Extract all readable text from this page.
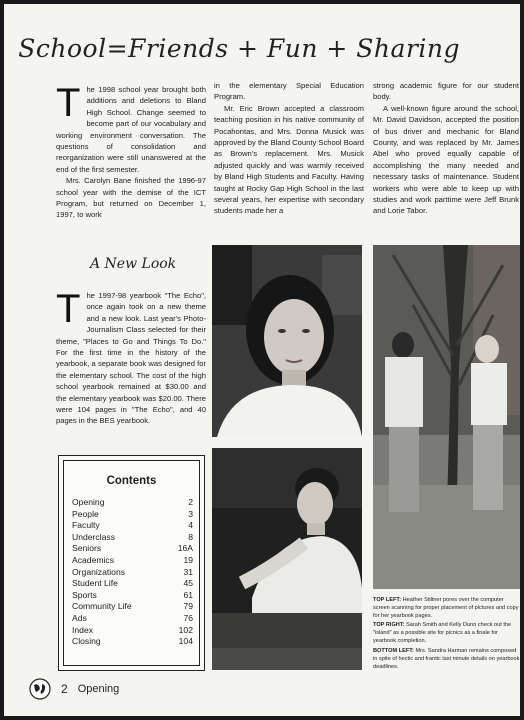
School=Friends + Fun + Sharing
T he 1998 school year brought both additions and deletions to Bland High School. Change seemed to become part of our vocabulary and working environment conversation. The questions of consolidation and reorganization were still unanswered at the end of the first semester.

Mrs. Carolyn Bane finished the 1996-97 school year with the demise of the ICT Program, but returned on December 1, 1997, to work

in the elementary Special Education Program.

Mr. Eric Brown accepted a classroom teaching position in his native community of Pocahontas, and Mrs. Donna Musick was approved by the Bland County School Board as Brown's replacement. Mrs. Musick adjusted quickly and was warmly received by Bland High Students and Faculty. Having taught at Rocky Gap High School in the last several years, her expertise with secondary students made her a

strong academic figure for our student body.

A well-known figure around the school, Mr. David Davidson, accepted the position of bus driver and mechanic for Bland County, and was replaced by Mr. James Abel who proved equally capable of accomplishing the many needed and necessary tasks of maintenance. Student workers who were able to keep up with studies and work parttime were Jeff Brunk and Lorie Tabor.

A New Look
T he 1997-98 yearbook "The Echo", once again took on a new theme and a new look. Last year's Photo-Journalism Class selected for their theme, "Places to Go and Things To Do." For the first time in the history of the yearbook, a separate book was designed for the elementary school. The cost of the high school yearbook remained at $30.00 and the elementary yearbook was $20.00. There were 104 pages in "The Echo", and 40 pages in the BES yearbook.

Contents
Opening	2
People	3
Faculty	4
Underclass	8
Seniors	16A
Academics	19
Organizations	31
Student Life	45
Sports	61
Community Life	79
Ads	76
Index	102
Closing	104
TOP LEFT: Heather Stiltner pores over the computer screen scanning for proper placement of pictures and copy for her yearbook pages.
TOP RIGHT: Sarah Smith and Kelly Dunn check out the "island" as a possible site for picnics as a finale for yearbook completion.
BOTTOM LEFT: Mrs. Sandra Harman remains composed in spite of hectic and frantic last minute details on yearbook deadlines.
2 Opening
